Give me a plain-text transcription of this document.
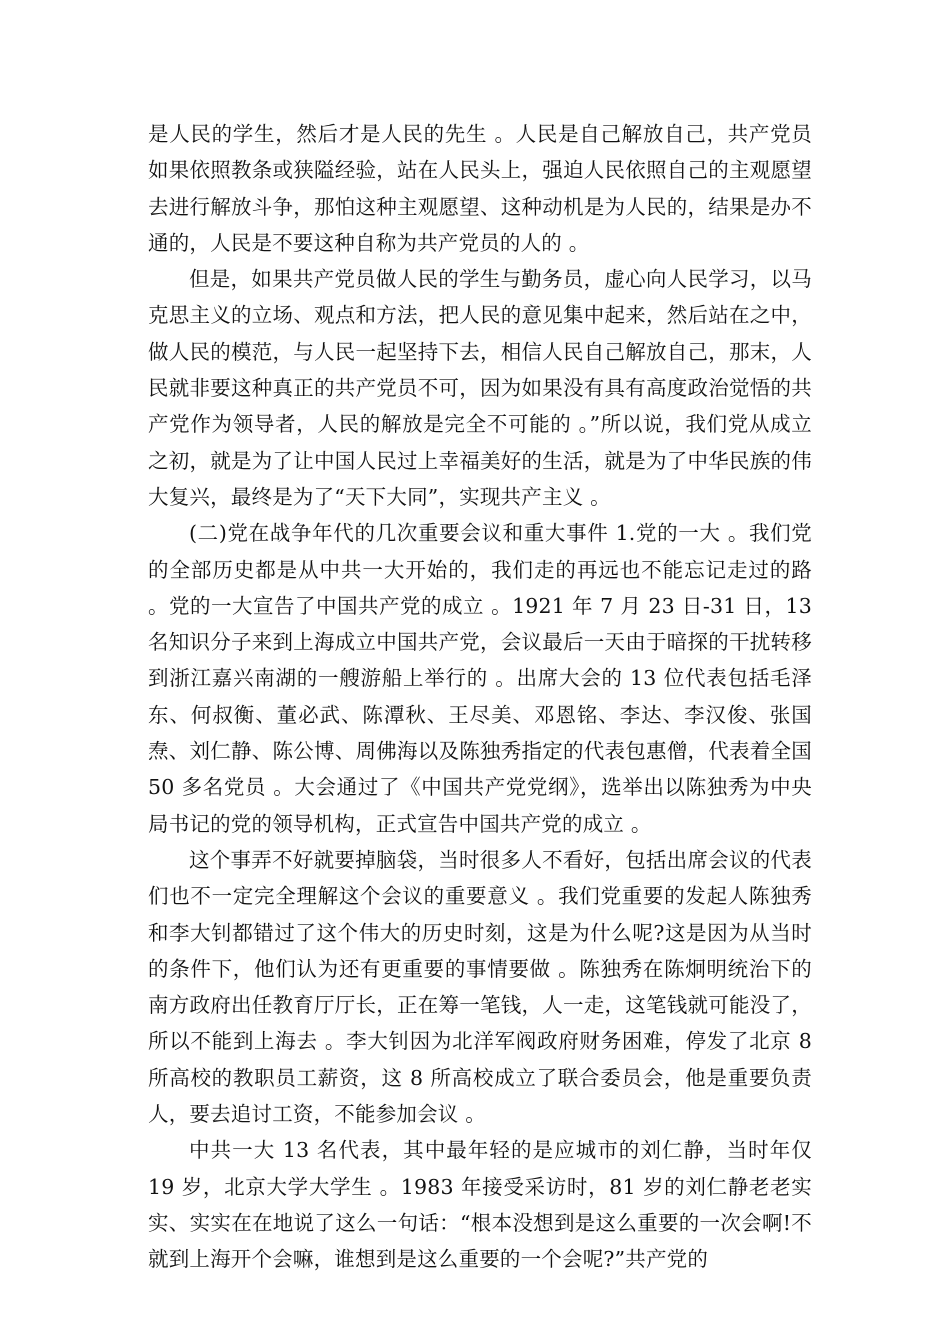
是人民的学生，然后才是人民的先生 。人民是自己解放自己，共产党员如果依照教条或狭隘经验，站在人民头上，强迫人民依照自己的主观愿望去进行解放斗争，那怕这种主观愿望、这种动机是为人民的，结果是办不通的，人民是不要这种自称为共产党员的人的 。

但是，如果共产党员做人民的学生与勤务员，虚心向人民学习，以马克思主义的立场、观点和方法，把人民的意见集中起来，然后站在之中，做人民的模范，与人民一起坚持下去，相信人民自己解放自己，那末，人民就非要这种真正的共产党员不可，因为如果没有具有高度政治觉悟的共产党作为领导者，人民的解放是完全不可能的 。”所以说，我们党从成立之初，就是为了让中国人民过上幸福美好的生活，就是为了中华民族的伟大复兴，最终是为了“天下大同”，实现共产主义 。

(二)党在战争年代的几次重要会议和重大事件 1.党的一大 。我们党的全部历史都是从中共一大开始的，我们走的再远也不能忘记走过的路 。党的一大宣告了中国共产党的成立 。1921 年 7 月 23 日-31 日，13 名知识分子来到上海成立中国共产党，会议最后一天由于暗探的干扰转移到浙江嘉兴南湖的一艘游船上举行的 。出席大会的 13 位代表包括毛泽东、何叔衡、董必武、陈潭秋、王尽美、邓恩铭、李达、李汉俊、张国焘、刘仁静、陈公博、周佛海以及陈独秀指定的代表包惠僧，代表着全国 50 多名党员 。大会通过了《中国共产党党纲》，选举出以陈独秀为中央局书记的党的领导机构，正式宣告中国共产党的成立 。

这个事弄不好就要掉脑袋，当时很多人不看好，包括出席会议的代表们也不一定完全理解这个会议的重要意义 。我们党重要的发起人陈独秀和李大钊都错过了这个伟大的历史时刻，这是为什么呢?这是因为从当时的条件下，他们认为还有更重要的事情要做 。陈独秀在陈炯明统治下的南方政府出任教育厅厅长，正在筹一笔钱，人一走，这笔钱就可能没了，所以不能到上海去 。李大钊因为北洋军阀政府财务困难，停发了北京 8 所高校的教职员工薪资，这 8 所高校成立了联合委员会，他是重要负责人，要去追讨工资，不能参加会议 。

中共一大 13 名代表，其中最年轻的是应城市的刘仁静，当时年仅 19 岁，北京大学大学生 。1983 年接受采访时，81 岁的刘仁静老老实实、实实在在地说了这么一句话：“根本没想到是这么重要的一次会啊!不就到上海开个会嘛，谁想到是这么重要的一个会呢?”共产党的
